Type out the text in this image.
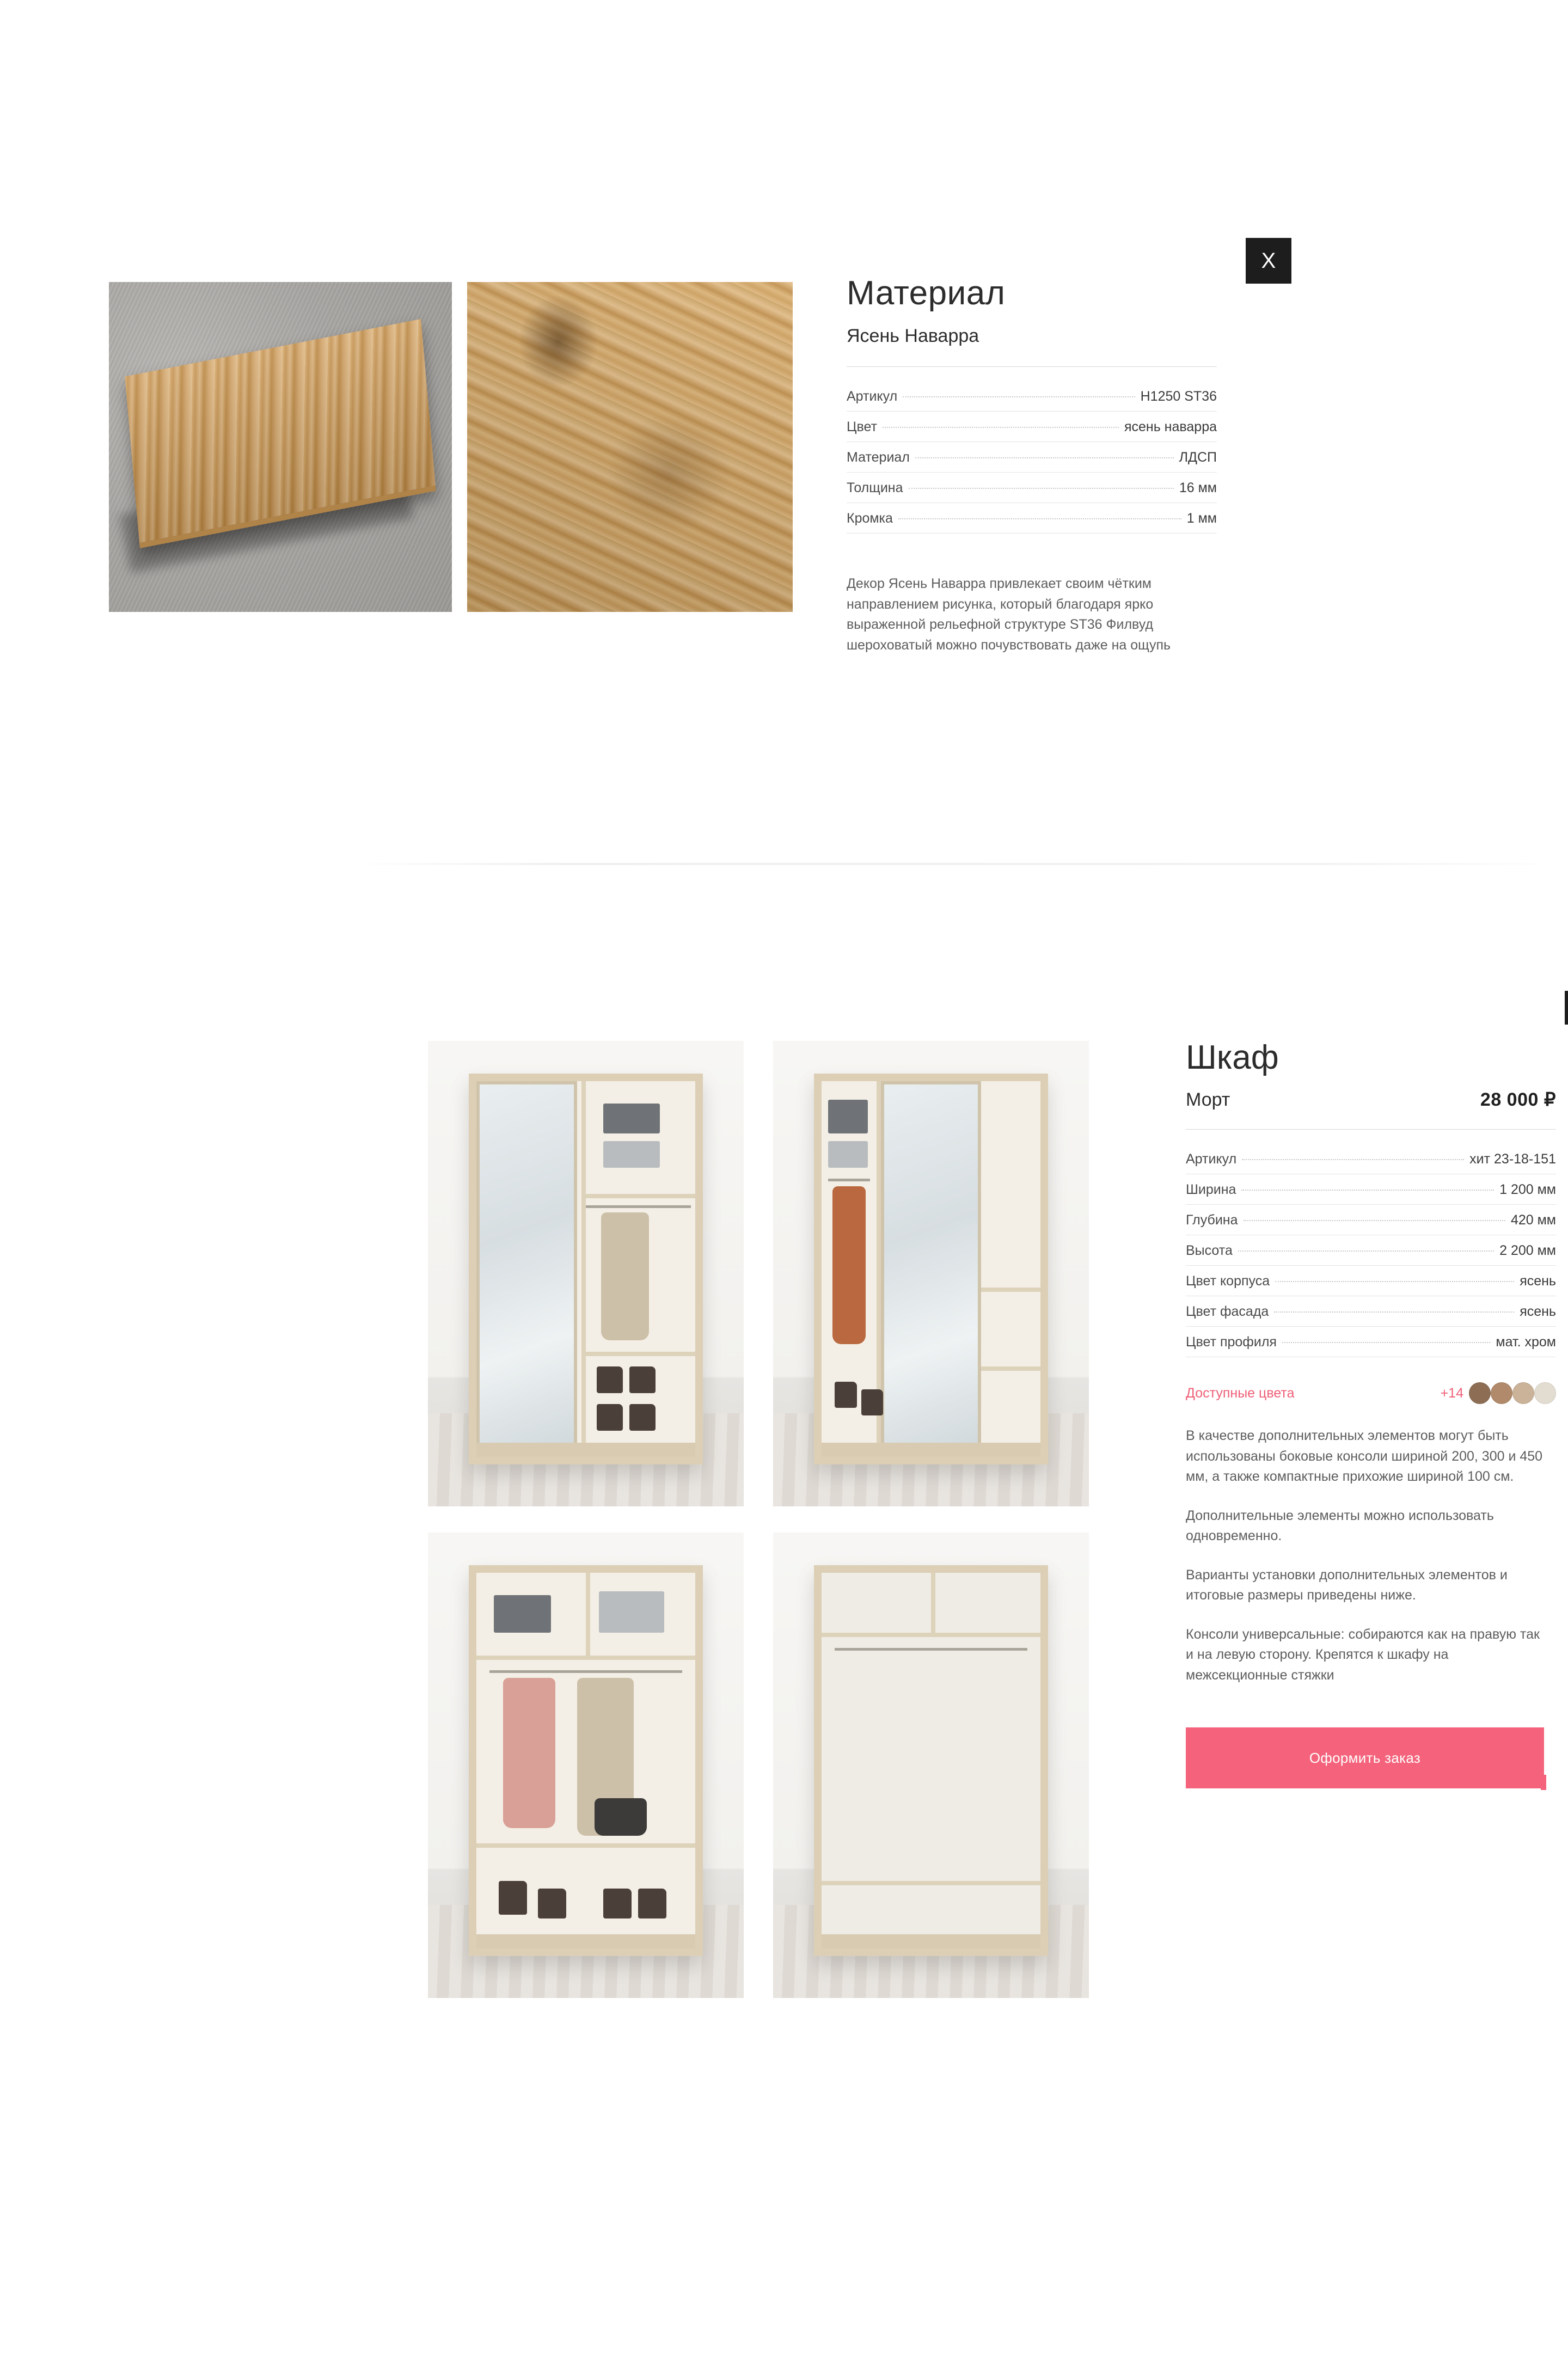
X
Материал
Ясень Наварра
Артикул	H1250 ST36
Цвет	ясень наварра
Материал	ЛДСП
Толщина	16 мм
Кромка	1 мм

Декор Ясень Наварра привлекает своим чётким направлением рисунка, который благодаря ярко выраженной рельефной структуре ST36 Филвуд шероховатый можно почувствовать даже на ощупь

Шкаф
Морт	28 000 ₽
Артикул	хит 23-18-151
Ширина	1 200 мм
Глубина	420 мм
Высота	2 200 мм
Цвет корпуса	ясень
Цвет фасада	ясень
Цвет профиля	мат. хром
Доступные цвета	+14

В качестве дополнительных элементов могут быть использованы боковые консоли шириной 200, 300 и 450 мм, а также компактные прихожие шириной 100 см.

Дополнительные элементы можно использовать одновременно.

Варианты установки дополнительных элементов и итоговые размеры приведены ниже.

Консоли универсальные: собираются как на правую так и на левую сторону. Крепятся к шкафу на межсекционные стяжки

Оформить заказ
